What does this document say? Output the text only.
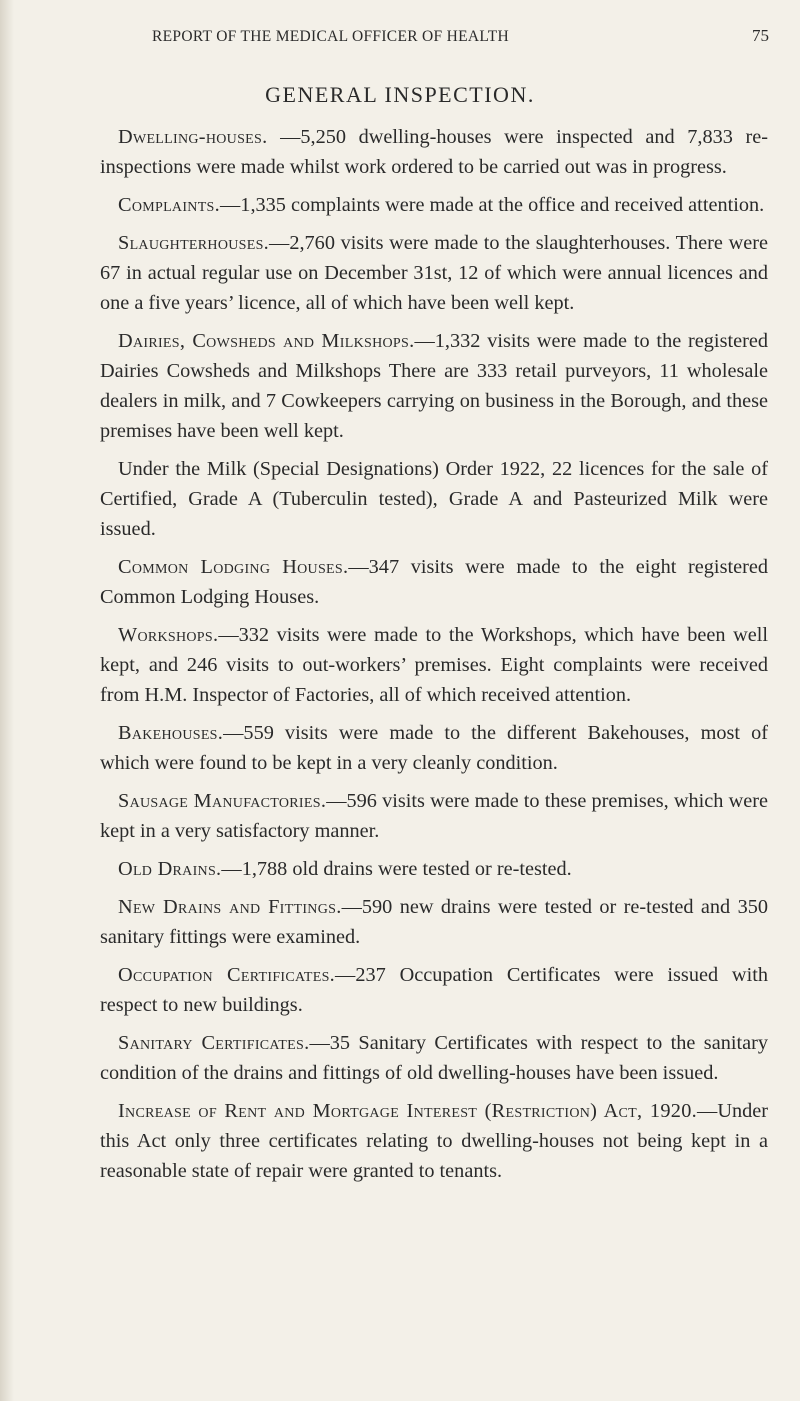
REPORT OF THE MEDICAL OFFICER OF HEALTH	75
GENERAL INSPECTION.

Dwelling-houses. —5,250 dwelling-houses were inspected and 7,833 re-inspections were made whilst work ordered to be carried out was in progress.

Complaints.—1,335 complaints were made at the office and received attention.

Slaughterhouses.—2,760 visits were made to the slaughterhouses. There were 67 in actual regular use on December 31st, 12 of which were annual licences and one a five years’ licence, all of which have been well kept.

Dairies, Cowsheds and Milkshops.—1,332 visits were made to the registered Dairies Cowsheds and Milkshops There are 333 retail purveyors, 11 wholesale dealers in milk, and 7 Cowkeepers carrying on business in the Borough, and these premises have been well kept.

Under the Milk (Special Designations) Order 1922, 22 licences for the sale of Certified, Grade A (Tuberculin tested), Grade A and Pasteurized Milk were issued.

Common Lodging Houses.—347 visits were made to the eight registered Common Lodging Houses.

Workshops.—332 visits were made to the Workshops, which have been well kept, and 246 visits to out-workers’ premises. Eight complaints were received from H.M. Inspector of Factories, all of which received attention.

Bakehouses.—559 visits were made to the different Bakehouses, most of which were found to be kept in a very cleanly condition.

Sausage Manufactories.—596 visits were made to these premises, which were kept in a very satisfactory manner.

Old Drains.—1,788 old drains were tested or re-tested.

New Drains and Fittings.—590 new drains were tested or re-tested and 350 sanitary fittings were examined.

Occupation Certificates.—237 Occupation Certificates were issued with respect to new buildings.

Sanitary Certificates.—35 Sanitary Certificates with respect to the sanitary condition of the drains and fittings of old dwelling-houses have been issued.

Increase of Rent and Mortgage Interest (Restriction) Act, 1920.—Under this Act only three certificates relating to dwelling-houses not being kept in a reasonable state of repair were granted to tenants.
